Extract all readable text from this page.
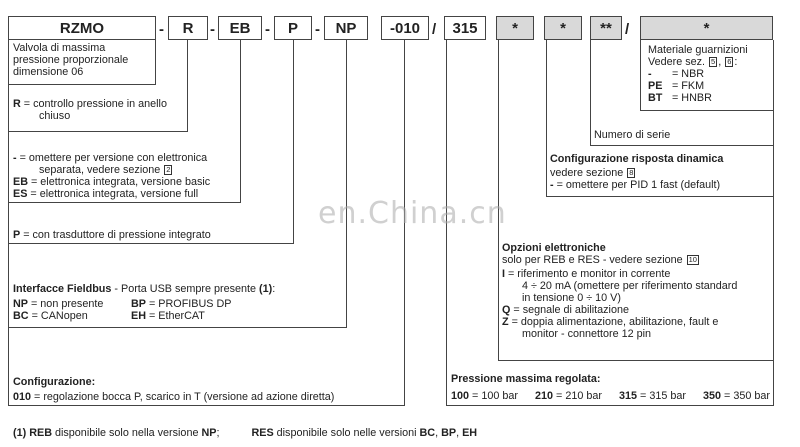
RZMO	- R - EB - P - NP -010 / 315 *	* ** /	*
Valvola di massima
pressione proporzionale
dimensione 06
R = controllo pressione in anello
chiuso
- = omettere per versione con elettronica
separata, vedere sezione 2
EB = elettronica integrata, versione basic
ES = elettronica integrata, versione full
P = con trasduttore di pressione integrato
Interfacce Fieldbus - Porta USB sempre presente (1):
NP = non presente	BP = PROFIBUS DP
BC = CANopen	EH = EtherCAT
Configurazione:
010 = regolazione bocca P, scarico in T (versione ad azione diretta)
Pressione massima regolata:
100 = 100 bar 210 = 210 bar 315 = 315 bar 350 = 350 bar
Opzioni elettroniche
solo per REB e RES - vedere sezione 10
I = riferimento e monitor in corrente
4 ÷ 20 mA (omettere per riferimento standard
in tensione 0 ÷ 10 V)
Q = segnale di abilitazione
Z = doppia alimentazione, abilitazione, fault e
monitor - connettore 12 pin
Configurazione risposta dinamica
vedere sezione 8
- = omettere per PID 1 fast (default)
Numero di serie
Materiale guarnizioni
Vedere sez. 5 , 6 :
- = NBR
PE = FKM
BT = HNBR
(1) REB disponibile solo nella versione NP;	RES disponibile solo nelle versioni BC, BP, EH
en.China.cn
